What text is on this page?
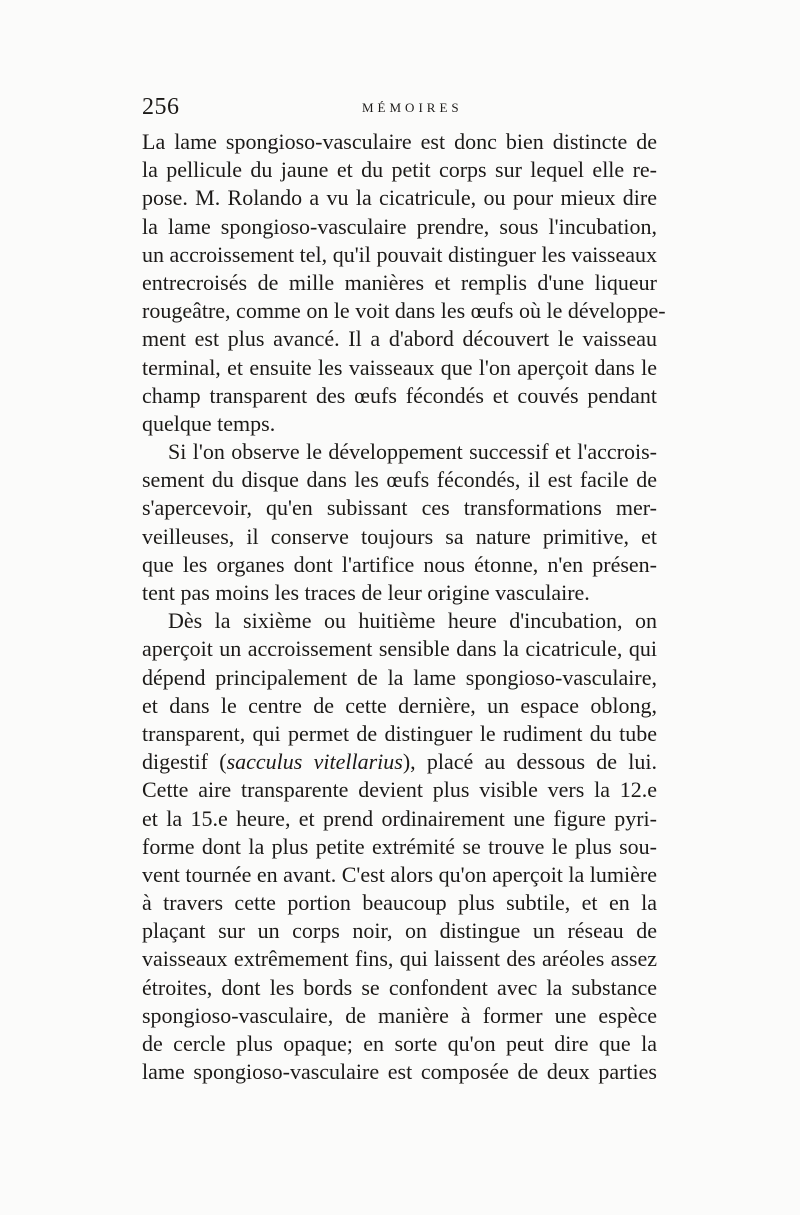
256	MÉMOIRES
La lame spongioso-vasculaire est donc bien distincte de
la pellicule du jaune et du petit corps sur lequel elle re-
pose. M. Rolando a vu la cicatricule, ou pour mieux dire
la lame spongioso-vasculaire prendre, sous l'incubation,
un accroissement tel, qu'il pouvait distinguer les vaisseaux
entrecroisés de mille manières et remplis d'une liqueur
rougeâtre, comme on le voit dans les œufs où le développe-
ment est plus avancé. Il a d'abord découvert le vaisseau
terminal, et ensuite les vaisseaux que l'on aperçoit dans le
champ transparent des œufs fécondés et couvés pendant
quelque temps.
Si l'on observe le développement successif et l'accrois-
sement du disque dans les œufs fécondés, il est facile de
s'apercevoir, qu'en subissant ces transformations mer-
veilleuses, il conserve toujours sa nature primitive, et
que les organes dont l'artifice nous étonne, n'en présen-
tent pas moins les traces de leur origine vasculaire.
Dès la sixième ou huitième heure d'incubation, on
aperçoit un accroissement sensible dans la cicatricule, qui
dépend principalement de la lame spongioso-vasculaire,
et dans le centre de cette dernière, un espace oblong,
transparent, qui permet de distinguer le rudiment du tube
digestif (sacculus vitellarius), placé au dessous de lui.
Cette aire transparente devient plus visible vers la 12.e
et la 15.e heure, et prend ordinairement une figure pyri-
forme dont la plus petite extrémité se trouve le plus sou-
vent tournée en avant. C'est alors qu'on aperçoit la lumière
à travers cette portion beaucoup plus subtile, et en la
plaçant sur un corps noir, on distingue un réseau de
vaisseaux extrêmement fins, qui laissent des aréoles assez
étroites, dont les bords se confondent avec la substance
spongioso-vasculaire, de manière à former une espèce
de cercle plus opaque; en sorte qu'on peut dire que la
lame spongioso-vasculaire est composée de deux parties
